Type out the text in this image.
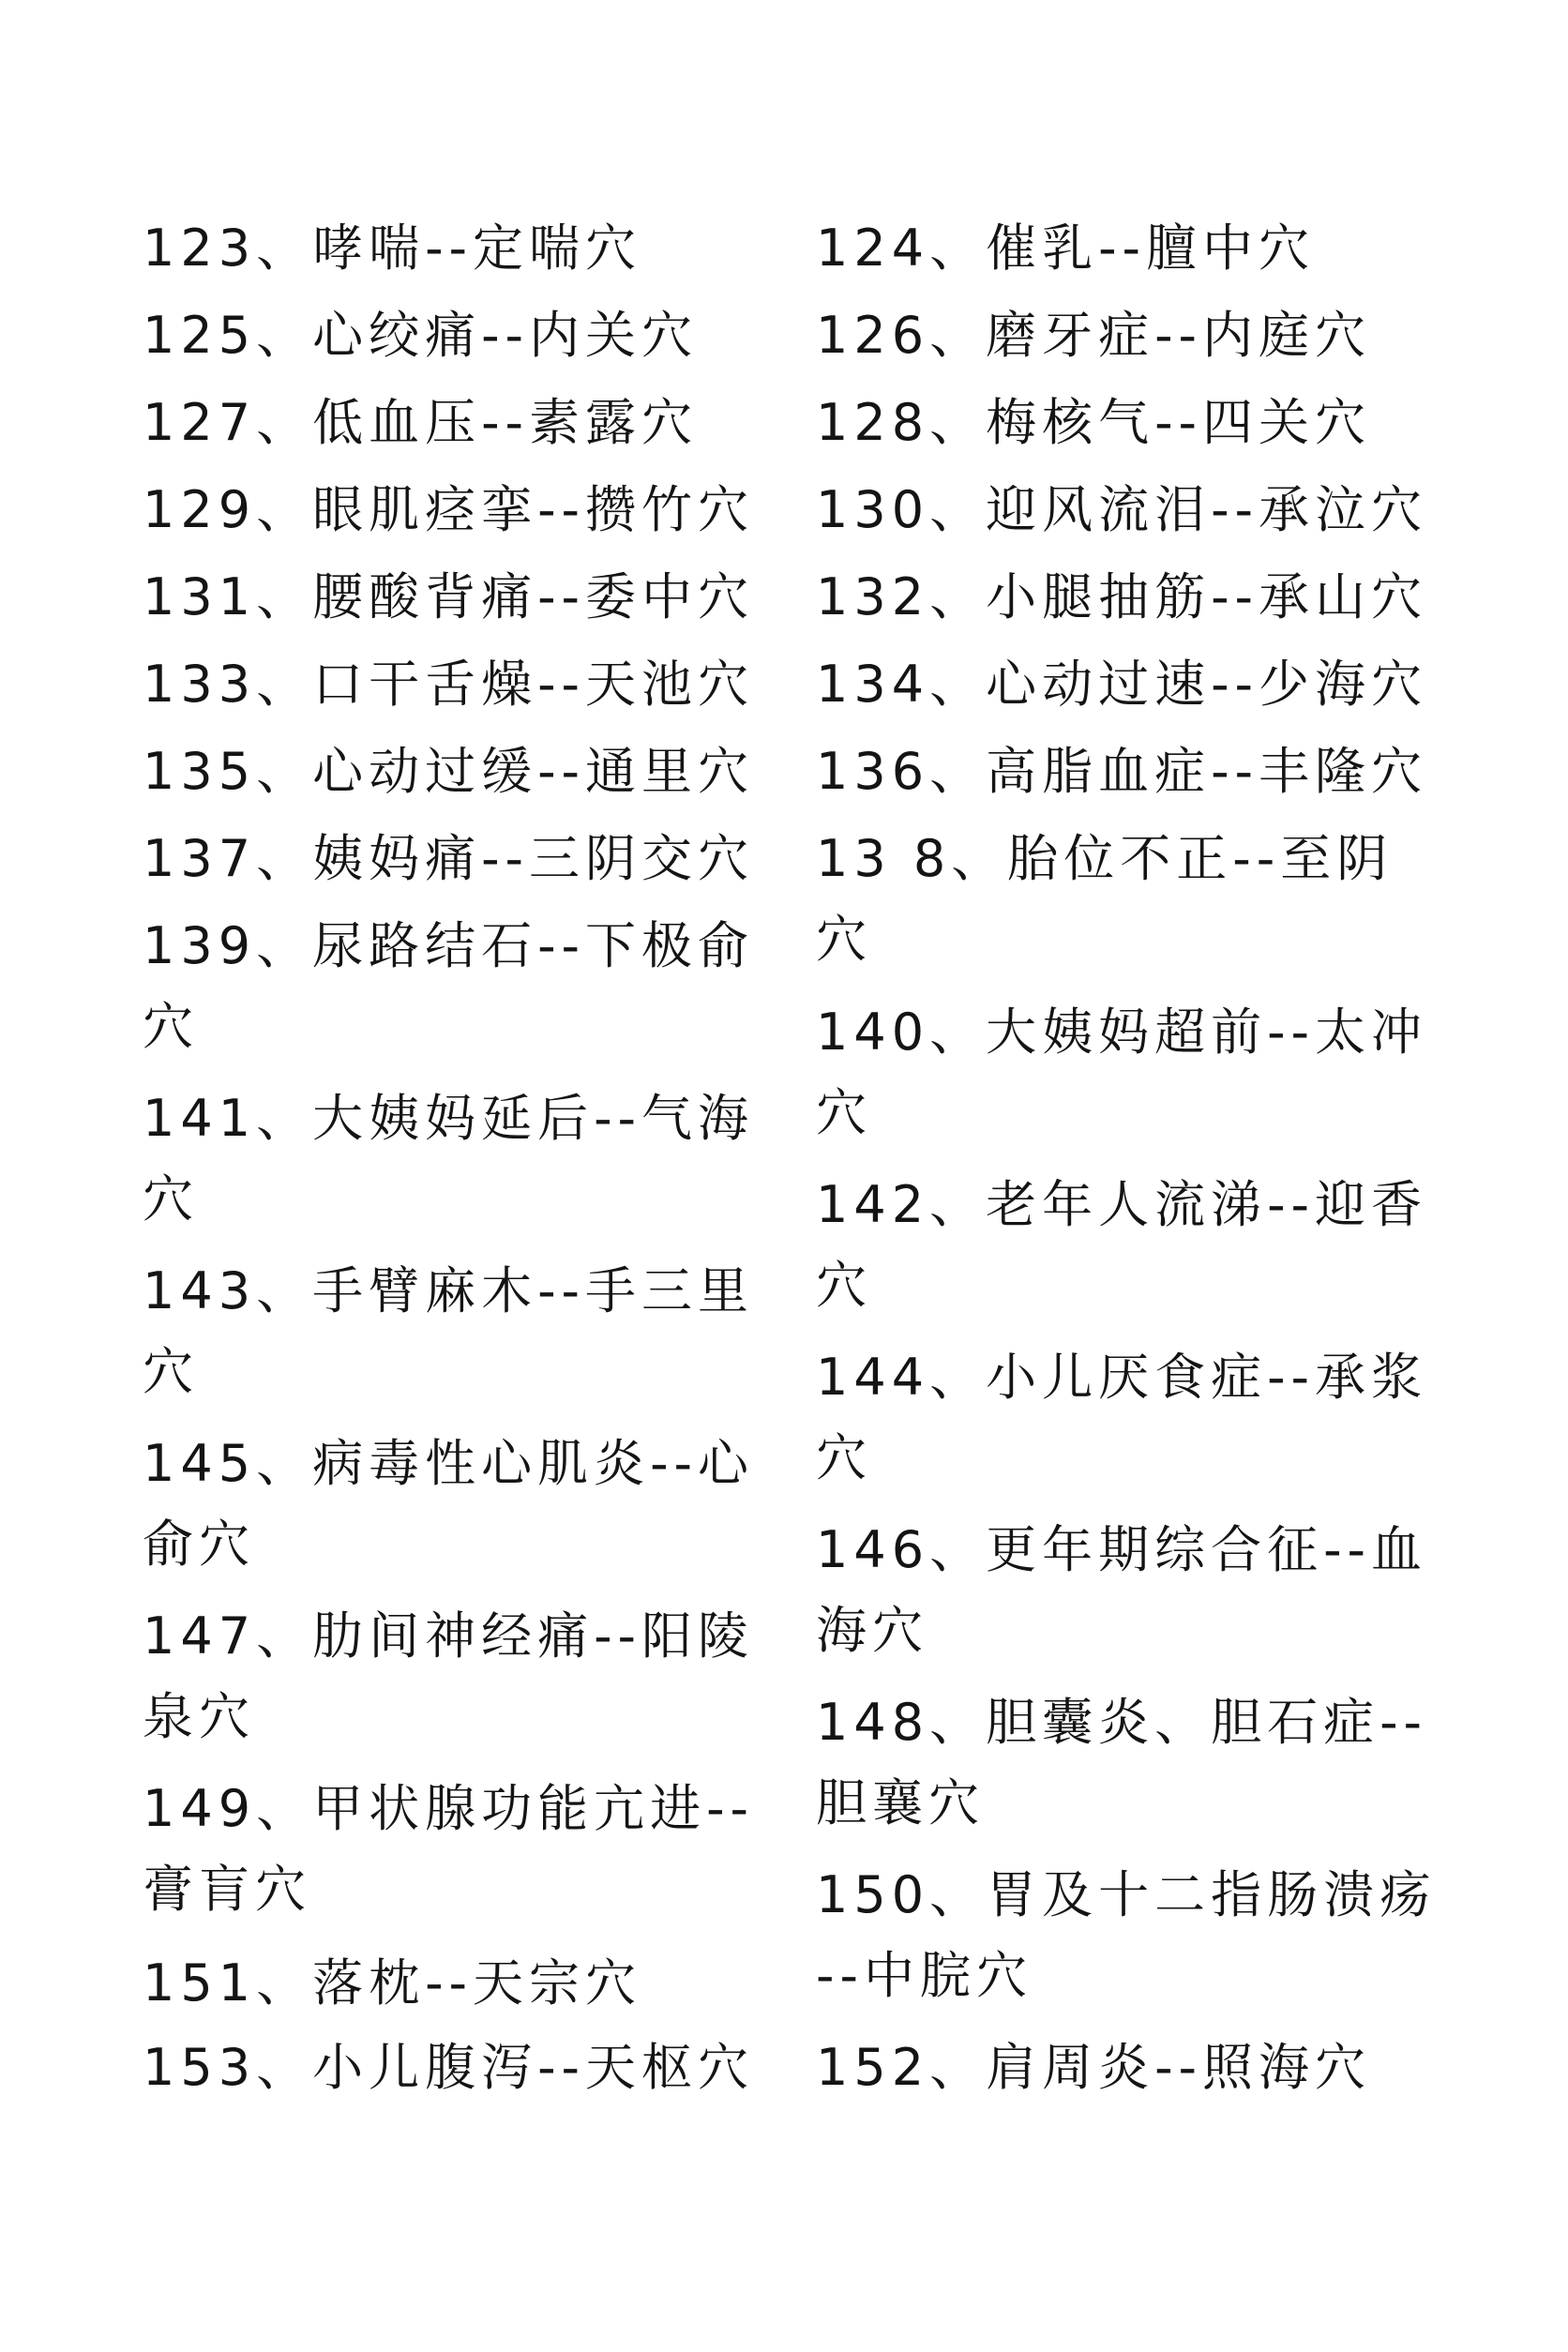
123、哮喘--定喘穴
125、心绞痛--内关穴
127、低血压--素露穴
129、眼肌痉挛--攒竹穴
131、腰酸背痛--委中穴
133、口干舌燥--天池穴
135、心动过缓--通里穴
137、姨妈痛--三阴交穴
139、尿路结石--下极俞
穴
141、大姨妈延后--气海
穴
143、手臂麻木--手三里
穴
145、病毒性心肌炎--心
俞穴
147、肋间神经痛--阳陵
泉穴
149、甲状腺功能亢进--
膏肓穴
151、落枕--天宗穴
153、小儿腹泻--天枢穴
124、催乳--膻中穴
126、磨牙症--内庭穴
128、梅核气--四关穴
130、迎风流泪--承泣穴
132、小腿抽筋--承山穴
134、心动过速--少海穴
136、高脂血症--丰隆穴
13 8、胎位不正--至阴
穴
140、大姨妈超前--太冲
穴
142、老年人流涕--迎香
穴
144、小儿厌食症--承浆
穴
146、更年期综合征--血
海穴
148、胆囊炎、胆石症--
胆襄穴
150、胃及十二指肠溃疡
--中脘穴
152、肩周炎--照海穴
